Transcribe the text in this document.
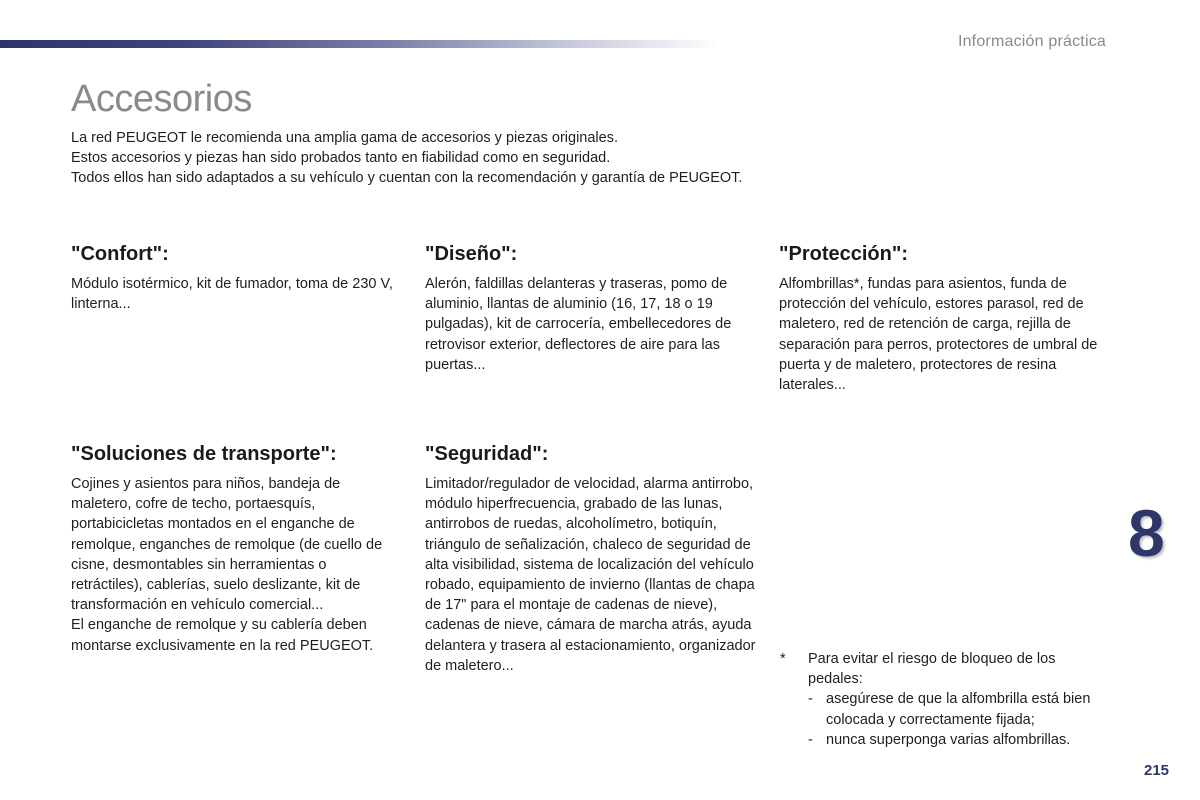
Información práctica
Accesorios

La red PEUGEOT le recomienda una amplia gama de accesorios y piezas originales.

Estos accesorios y piezas han sido probados tanto en fiabilidad como en seguridad.

Todos ellos han sido adaptados a su vehículo y cuentan con la recomendación y garantía de PEUGEOT.

"Confort":

Módulo isotérmico, kit de fumador, toma de 230 V, linterna...

"Diseño":

Alerón, faldillas delanteras y traseras, pomo de aluminio, llantas de aluminio (16, 17, 18 o 19 pulgadas), kit de carrocería, embellecedores de retrovisor exterior, deflectores de aire para las puertas...

"Protección":

Alfombrillas*, fundas para asientos, funda de protección del vehículo, estores parasol, red de maletero, red de retención de carga, rejilla de separación para perros, protectores de umbral de puerta y de maletero, protectores de resina laterales...

"Soluciones de transporte":

Cojines y asientos para niños, bandeja de maletero, cofre de techo, portaesquís, portabicicletas montados en el enganche de remolque, enganches de remolque (de cuello de cisne, desmontables sin herramientas o retráctiles), cablerías, suelo deslizante, kit de transformación en vehículo comercial...

El enganche de remolque y su cablería deben montarse exclusivamente en la red PEUGEOT.

"Seguridad":

Limitador/regulador de velocidad, alarma antirrobo, módulo hiperfrecuencia, grabado de las lunas, antirrobos de ruedas, alcoholímetro, botiquín, triángulo de señalización, chaleco de seguridad de alta visibilidad, sistema de localización del vehículo robado, equipamiento de invierno (llantas de chapa de 17" para el montaje de cadenas de nieve), cadenas de nieve, cámara de marcha atrás, ayuda delantera y trasera al estacionamiento, organizador de maletero...

8
*	Para evitar el riesgo de bloqueo de los pedales:
- asegúrese de que la alfombrilla está bien colocada y correctamente fijada;
- nunca superponga varias alfombrillas.
215
